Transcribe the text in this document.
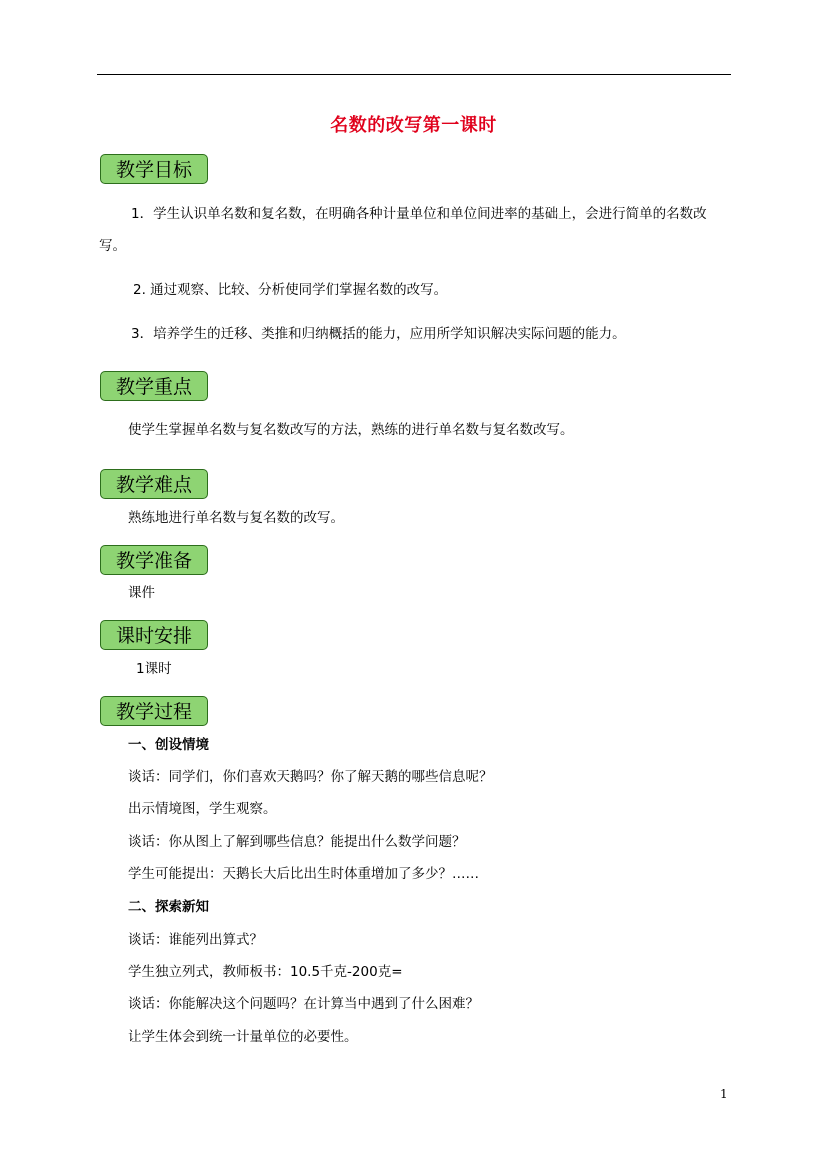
名数的改写第一课时
教学目标
1．学生认识单名数和复名数，在明确各种计量单位和单位间进率的基础上，会进行简单的名数改写。
2. 通过观察、比较、分析使同学们掌握名数的改写。
3．培养学生的迁移、类推和归纳概括的能力，应用所学知识解决实际问题的能力。
教学重点
使学生掌握单名数与复名数改写的方法，熟练的进行单名数与复名数改写。
教学难点
熟练地进行单名数与复名数的改写。
教学准备
课件
课时安排
1课时
教学过程
一、创设情境
谈话：同学们，你们喜欢天鹅吗？你了解天鹅的哪些信息呢？
出示情境图，学生观察。
谈话：你从图上了解到哪些信息？能提出什么数学问题？
学生可能提出：天鹅长大后比出生时体重增加了多少？……
二、探索新知
谈话：谁能列出算式？
学生独立列式，教师板书：10.5千克-200克=
谈话：你能解决这个问题吗？在计算当中遇到了什么困难？
让学生体会到统一计量单位的必要性。
1
